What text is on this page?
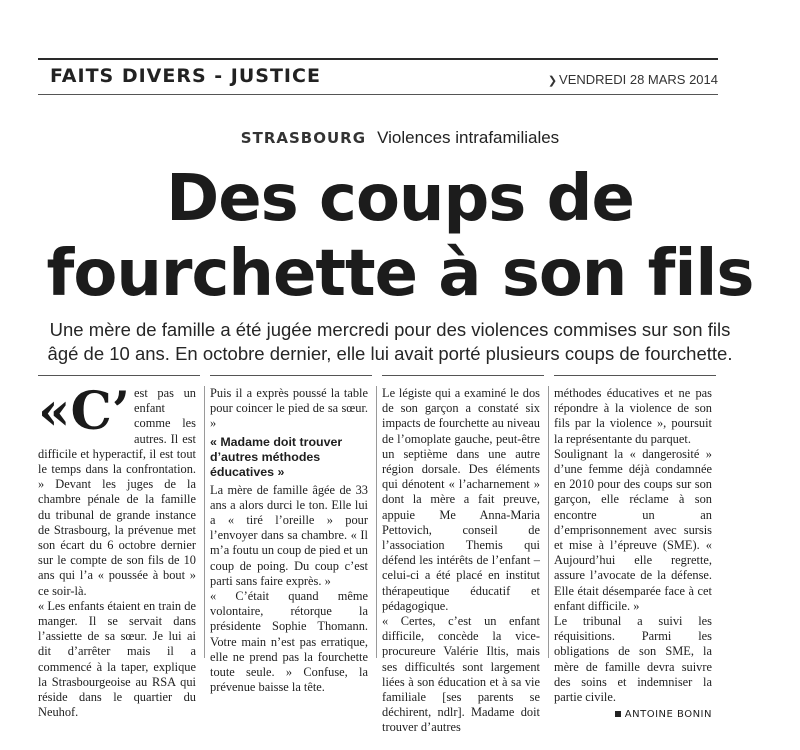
FAITS DIVERS - JUSTICE	❯ VENDREDI 28 MARS 2014
STRASBOURG Violences intrafamiliales
Des coups de
fourchette à son fils
Une mère de famille a été jugée mercredi pour des violences commises sur son fils âgé de 10 ans. En octobre dernier, elle lui avait porté plusieurs coups de fourchette.

«C’ est pas un enfant comme les autres. Il est difficile et hyperactif, il est tout le temps dans la confrontation. » Devant les juges de la chambre pénale de la famille du tribunal de grande instance de Strasbourg, la prévenue met son écart du 6 octobre dernier sur le compte de son fils de 10 ans qui l’a « poussée à bout » ce soir-là.

« Les enfants étaient en train de manger. Il se servait dans l’assiette de sa sœur. Je lui ai dit d’arrêter mais il a commencé à la taper, explique la Strasbourgeoise au RSA qui réside dans le quartier du Neuhof.

Puis il a exprès poussé la table pour coincer le pied de sa sœur. »

« Madame doit trouver d’autres méthodes éducatives »

La mère de famille âgée de 33 ans a alors durci le ton. Elle lui a « tiré l’oreille » pour l’envoyer dans sa chambre. « Il m’a foutu un coup de pied et un coup de poing. Du coup c’est parti sans faire exprès. »

« C’était quand même volontaire, rétorque la présidente Sophie Thomann. Votre main n’est pas erratique, elle ne prend pas la fourchette toute seule. » Confuse, la prévenue baisse la tête.

Le légiste qui a examiné le dos de son garçon a constaté six impacts de fourchette au niveau de l’omoplate gauche, peut-être un septième dans une autre région dorsale. Des éléments qui dénotent « l’acharnement » dont la mère a fait preuve, appuie Me Anna-Maria Pettovich, conseil de l’association Themis qui défend les intérêts de l’enfant – celui-ci a été placé en institut thérapeutique éducatif et pédagogique.

« Certes, c’est un enfant difficile, concède la vice-procureure Valérie Iltis, mais ses difficultés sont largement liées à son éducation et à sa vie familiale [ses parents se déchirent, ndlr]. Madame doit trouver d’autres

méthodes éducatives et ne pas répondre à la violence de son fils par la violence », poursuit la représentante du parquet.

Soulignant la « dangerosité » d’une femme déjà condamnée en 2010 pour des coups sur son garçon, elle réclame à son encontre un an d’emprisonnement avec sursis et mise à l’épreuve (SME). « Aujourd’hui elle regrette, assure l’avocate de la défense. Elle était désemparée face à cet enfant difficile. »

Le tribunal a suivi les réquisitions. Parmi les obligations de son SME, la mère de famille devra suivre des soins et indemniser la partie civile.

ANTOINE BONIN
